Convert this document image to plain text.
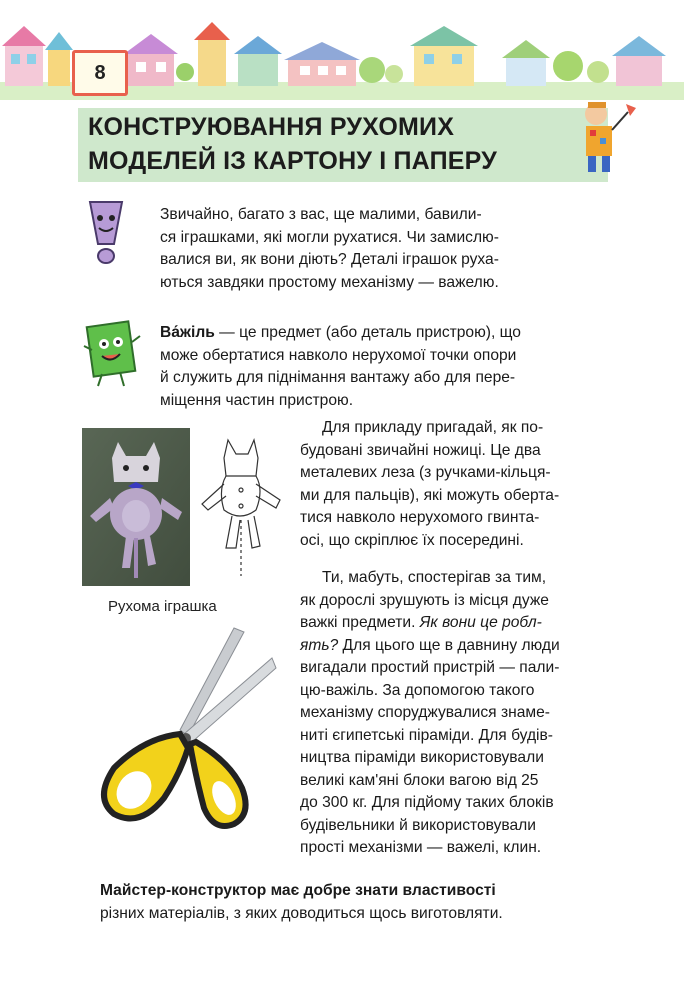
8
КОНСТРУЮВАННЯ РУХОМИХ
МОДЕЛЕЙ ІЗ КАРТОНУ І ПАПЕРУ
Звичайно, багато з вас, ще малими, бавили-
ся іграшками, які могли рухатися. Чи замислю-
валися ви, як вони діють? Деталі іграшок руха-
ються завдяки простому механізму — важелю.
Ва́жіль — це предмет (або деталь пристрою), що
може обертатися навколо нерухомої точки опори
й служить для піднімання вантажу або для пере-
міщення частин пристрою.
Рухома іграшка
Для прикладу пригадай, як по-
будовані звичайні ножиці. Це два
металевих леза (з ручками-кільця-
ми для пальців), які можуть оберта-
тися навколо нерухомого гвинта-
осі, що скріплює їх посередині.
Ти, мабуть, спостерігав за тим,
як дорослі зрушують із місця дуже
важкі предмети. Як вони це робл-
ять? Для цього ще в давнину люди
вигадали простий пристрій — пали-
цю-важіль. За допомогою такого
механізму споруджувалися знаме-
ниті єгипетські піраміди. Для будів-
ництва піраміди використовували
великі кам'яні блоки вагою від 25
до 300 кг. Для підйому таких блоків
будівельники й використовували
прості механізми — важелі, клин.
Майстер-конструктор має добре знати властивості
різних матеріалів, з яких доводиться щось виготовляти.
